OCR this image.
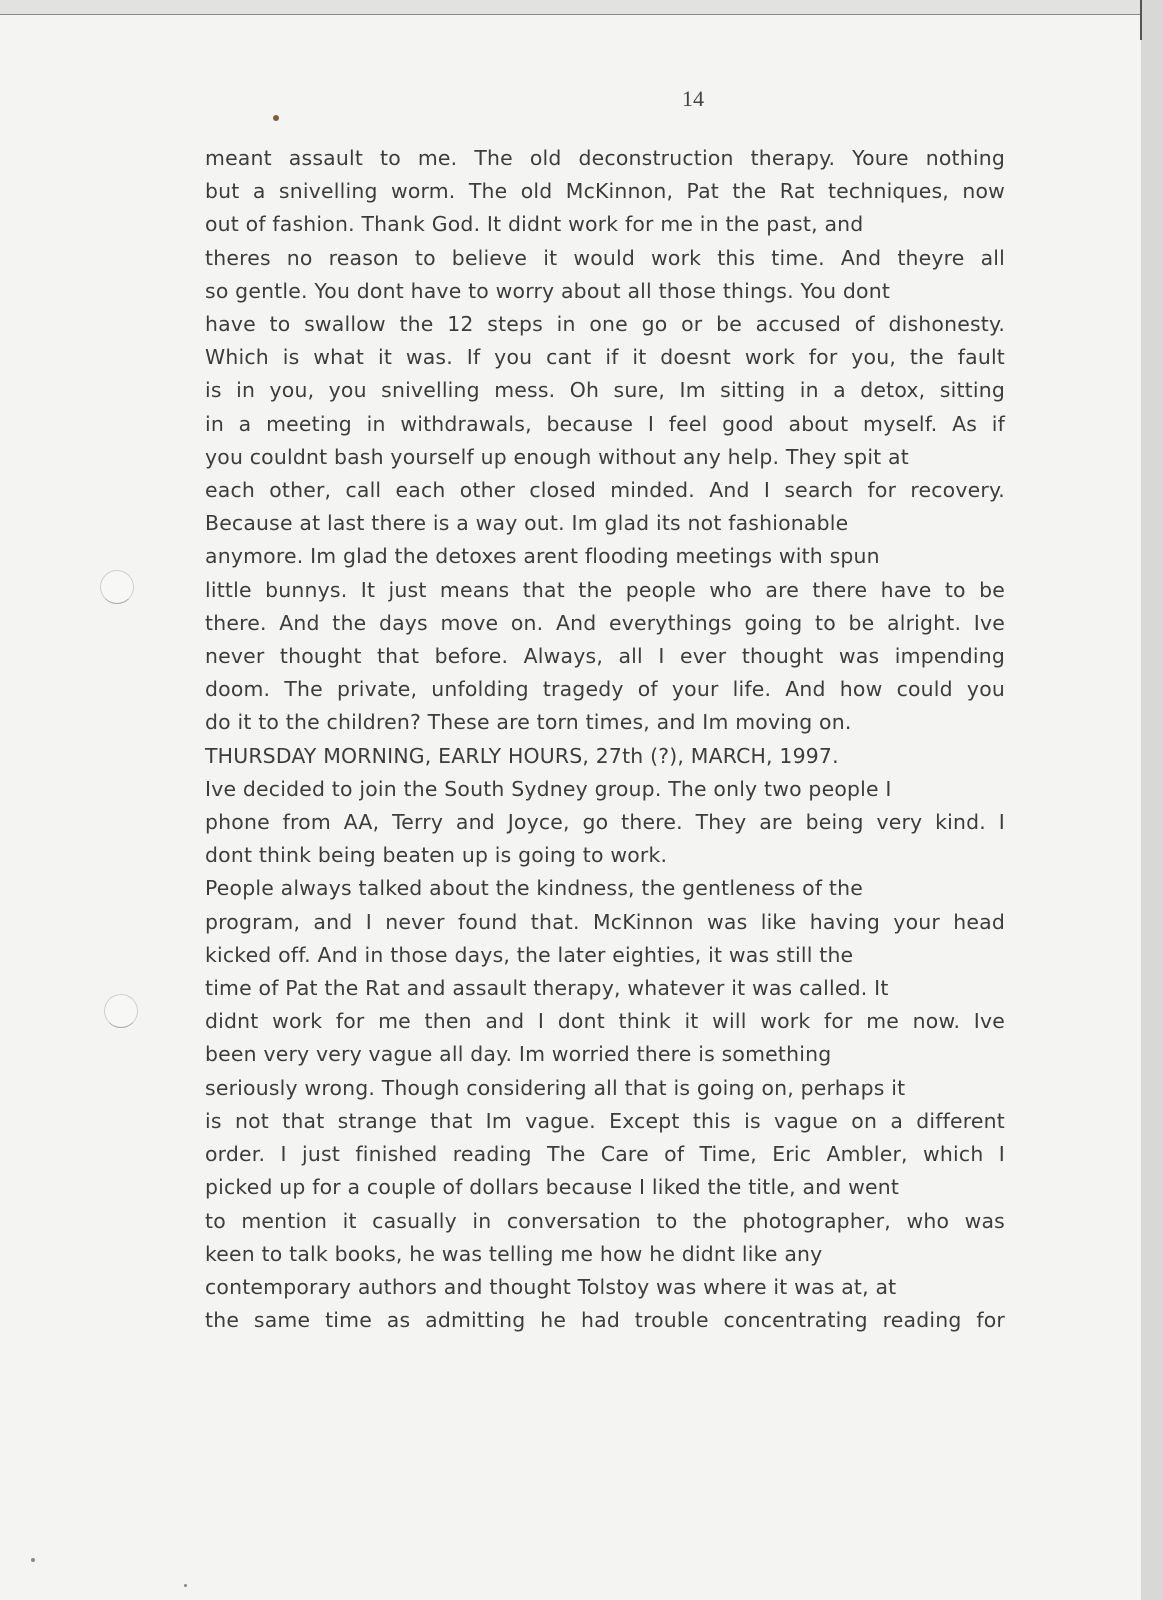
14
meant assault to me. The old deconstruction therapy. Youre nothing
but a snivelling worm. The old McKinnon, Pat the Rat techniques, now
out of fashion. Thank God. It didnt work for me in the past, and
theres no reason to believe it would work this time. And theyre all
so gentle. You dont have to worry about all those things. You dont
have to swallow the 12 steps in one go or be accused of dishonesty.
Which is what it was. If you cant if it doesnt work for you, the fault
is in you, you snivelling mess. Oh sure, Im sitting in a detox, sitting
in a meeting in withdrawals, because I feel good about myself. As if
you couldnt bash yourself up enough without any help. They spit at
each other, call each other closed minded. And I search for recovery.
Because at last there is a way out. Im glad its not fashionable
anymore. Im glad the detoxes arent flooding meetings with spun
little bunnys. It just means that the people who are there have to be
there. And the days move on. And everythings going to be alright. Ive
never thought that before. Always, all I ever thought was impending
doom. The private, unfolding tragedy of your life. And how could you
do it to the children? These are torn times, and Im moving on.
THURSDAY MORNING, EARLY HOURS, 27th (?), MARCH, 1997.
Ive decided to join the South Sydney group. The only two people I
phone from AA, Terry and Joyce, go there. They are being very kind. I
dont think being beaten up is going to work.
People always talked about the kindness, the gentleness of the
program, and I never found that. McKinnon was like having your head
kicked off. And in those days, the later eighties, it was still the
time of Pat the Rat and assault therapy, whatever it was called. It
didnt work for me then and I dont think it will work for me now. Ive
been very very vague all day. Im worried there is something
seriously wrong. Though considering all that is going on, perhaps it
is not that strange that Im vague. Except this is vague on a different
order. I just finished reading The Care of Time, Eric Ambler, which I
picked up for a couple of dollars because I liked the title, and went
to mention it casually in conversation to the photographer, who was
keen to talk books, he was telling me how he didnt like any
contemporary authors and thought Tolstoy was where it was at, at
the same time as admitting he had trouble concentrating reading for
